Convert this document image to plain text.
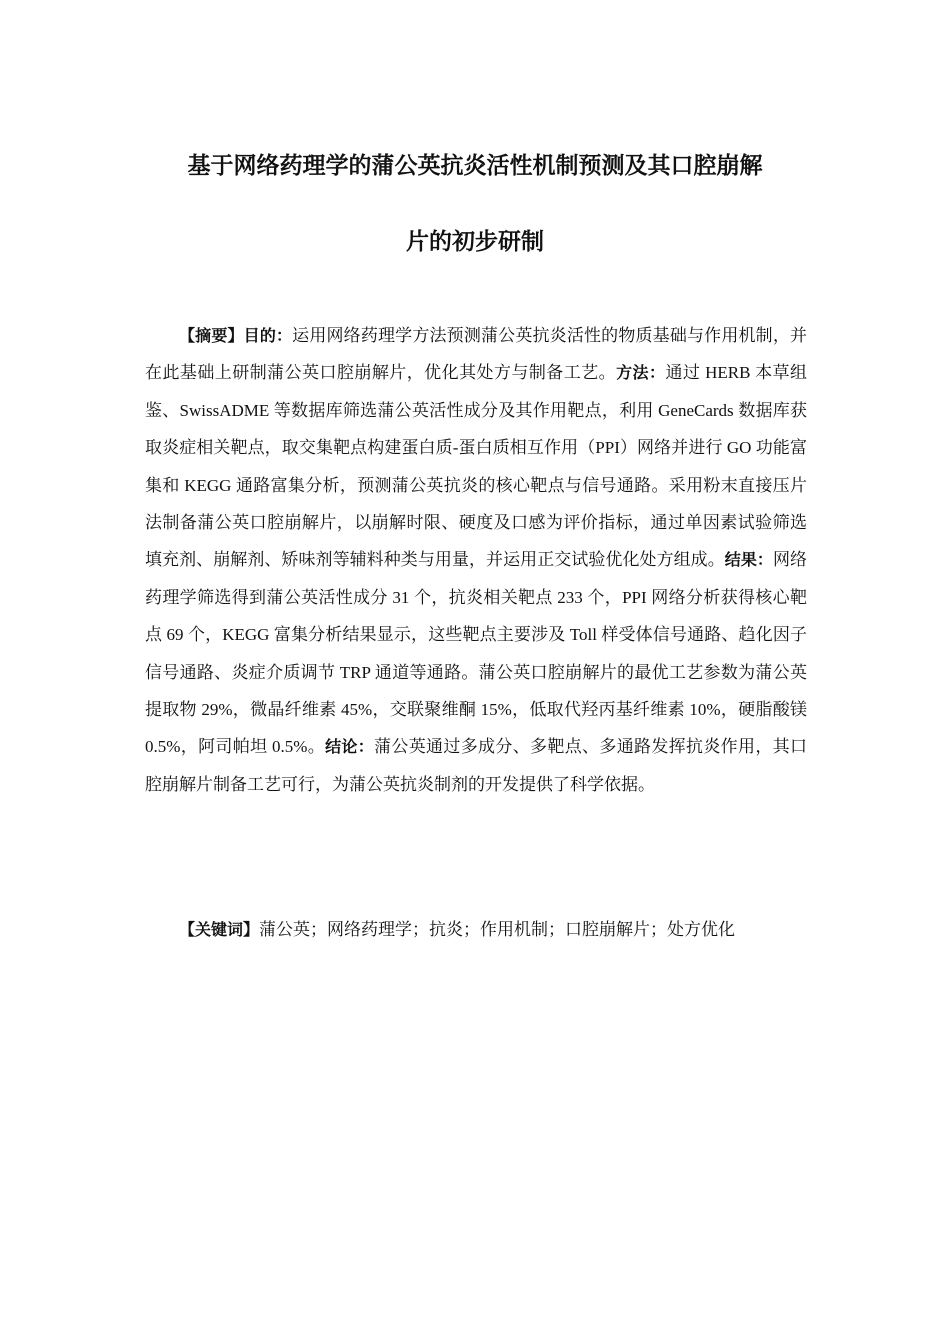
基于网络药理学的蒲公英抗炎活性机制预测及其口腔崩解
片的初步研制

【摘要】目的：运用网络药理学方法预测蒲公英抗炎活性的物质基础与作用机制，并在此基础上研制蒲公英口腔崩解片，优化其处方与制备工艺。方法：通过 HERB 本草组鉴、SwissADME 等数据库筛选蒲公英活性成分及其作用靶点，利用 GeneCards 数据库获取炎症相关靶点，取交集靶点构建蛋白质-蛋白质相互作用（PPI）网络并进行 GO 功能富集和 KEGG 通路富集分析，预测蒲公英抗炎的核心靶点与信号通路。采用粉末直接压片法制备蒲公英口腔崩解片，以崩解时限、硬度及口感为评价指标，通过单因素试验筛选填充剂、崩解剂、矫味剂等辅料种类与用量，并运用正交试验优化处方组成。结果：网络药理学筛选得到蒲公英活性成分 31 个，抗炎相关靶点 233 个，PPI 网络分析获得核心靶点 69 个，KEGG 富集分析结果显示，这些靶点主要涉及 Toll 样受体信号通路、趋化因子信号通路、炎症介质调节 TRP 通道等通路。蒲公英口腔崩解片的最优工艺参数为蒲公英提取物 29%，微晶纤维素 45%，交联聚维酮 15%，低取代羟丙基纤维素 10%，硬脂酸镁 0.5%，阿司帕坦 0.5%。结论：蒲公英通过多成分、多靶点、多通路发挥抗炎作用，其口腔崩解片制备工艺可行，为蒲公英抗炎制剂的开发提供了科学依据。

【关键词】蒲公英；网络药理学；抗炎；作用机制；口腔崩解片；处方优化
